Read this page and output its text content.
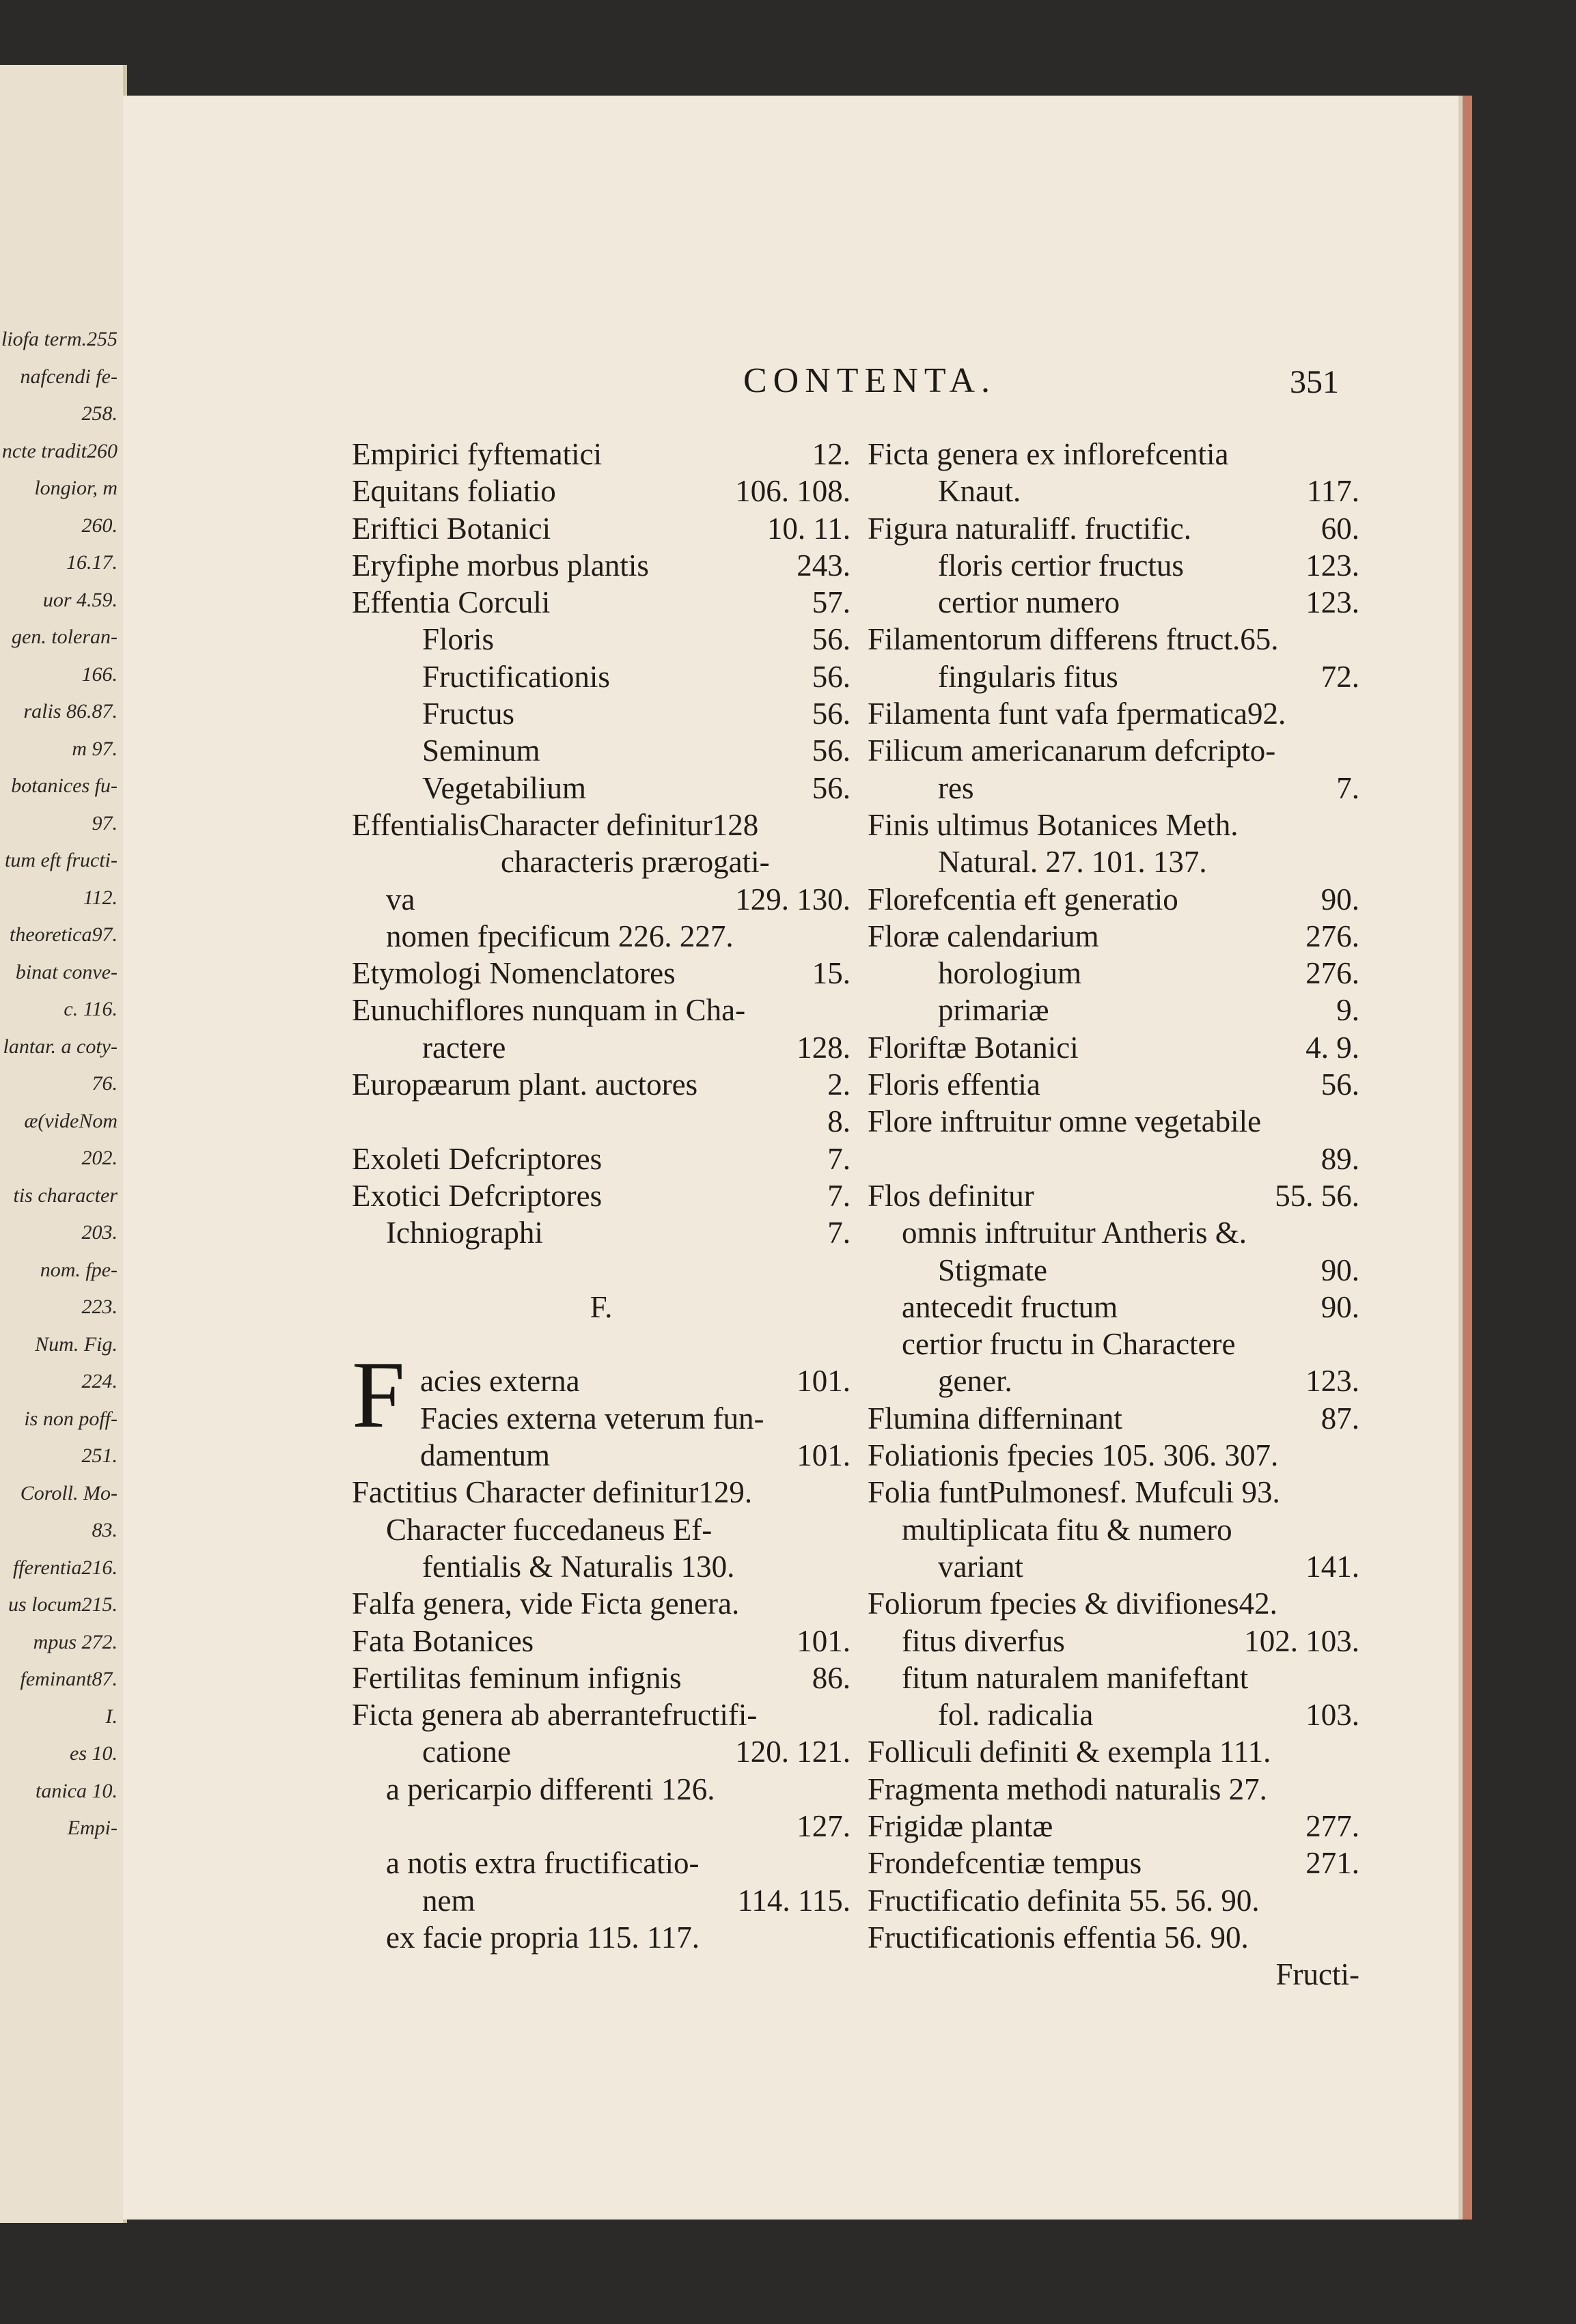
liofa term.255
nafcendi fe-
258.
ncte tradit260
longior, m
260.
16.17.
uor 4.59.
gen. toleran-
166.
ralis 86.87.
m 97.
botanices fu-
97.
tum eft fructi-
112.
theoretica97.
binat conve-
c. 116.
lantar. a coty-
76.
æ(videNom
202.
tis character
203.
nom. fpe-
223.
Num. Fig.
224.
is non poff-
251.
Coroll. Mo-
83.
fferentia216.
us locum215.
mpus 272.
feminant87.
I.
es 10.
tanica 10.
Empi-
CONTENTA.	351
F
Empirici fyftematici	12.
Equitans foliatio	106. 108.
Eriftici Botanici	10. 11.
Eryfiphe morbus plantis	243.
Effentia Corculi	57.
Floris	56.
Fructificationis	56.
Fructus	56.
Seminum	56.
Vegetabilium	56.
EffentialisCharacter definitur128
characteris prærogati-
va	129. 130.
nomen fpecificum 226. 227.
Etymologi Nomenclatores	15.
Eunuchiflores nunquam in Cha-
ractere	128.
Europæarum plant. auctores	2.
8.
Exoleti Defcriptores	7.
Exotici Defcriptores	7.
Ichniographi	7.
F.
acies externa	101.
Facies externa veterum fun-
damentum	101.
Factitius Character definitur129.
Character fuccedaneus Ef-
fentialis & Naturalis 130.
Falfa genera, vide Ficta genera.
Fata Botanices	101.
Fertilitas feminum infignis	86.
Ficta genera ab aberrantefructifi-
catione	120. 121.
a pericarpio differenti 126.
127.
a notis extra fructificatio-
nem	114. 115.
ex facie propria 115. 117.
Ficta genera ex inflorefcentia
Knaut.	117.
Figura naturaliff. fructific.	60.
floris certior fructus	123.
certior numero	123.
Filamentorum differens ftruct.65.
fingularis fitus	72.
Filamenta funt vafa fpermatica92.
Filicum americanarum defcripto-
res	7.
Finis ultimus Botanices Meth.
Natural. 27. 101. 137.
Florefcentia eft generatio	90.
Floræ calendarium	276.
horologium	276.
primariæ	9.
Floriftæ Botanici	4. 9.
Floris effentia	56.
Flore inftruitur omne vegetabile
89.
Flos definitur	55. 56.
omnis inftruitur Antheris &.
Stigmate	90.
antecedit fructum	90.
certior fructu in Charactere
gener.	123.
Flumina differninant	87.
Foliationis fpecies 105. 306. 307.
Folia funtPulmonesf. Mufculi 93.
multiplicata fitu & numero
variant	141.
Foliorum fpecies & divifiones42.
fitus diverfus	102. 103.
fitum naturalem manifeftant
fol. radicalia	103.
Folliculi definiti & exempla 111.
Fragmenta methodi naturalis 27.
Frigidæ plantæ	277.
Frondefcentiæ tempus	271.
Fructificatio definita 55. 56. 90.
Fructificationis effentia 56. 90.
Fructi-
